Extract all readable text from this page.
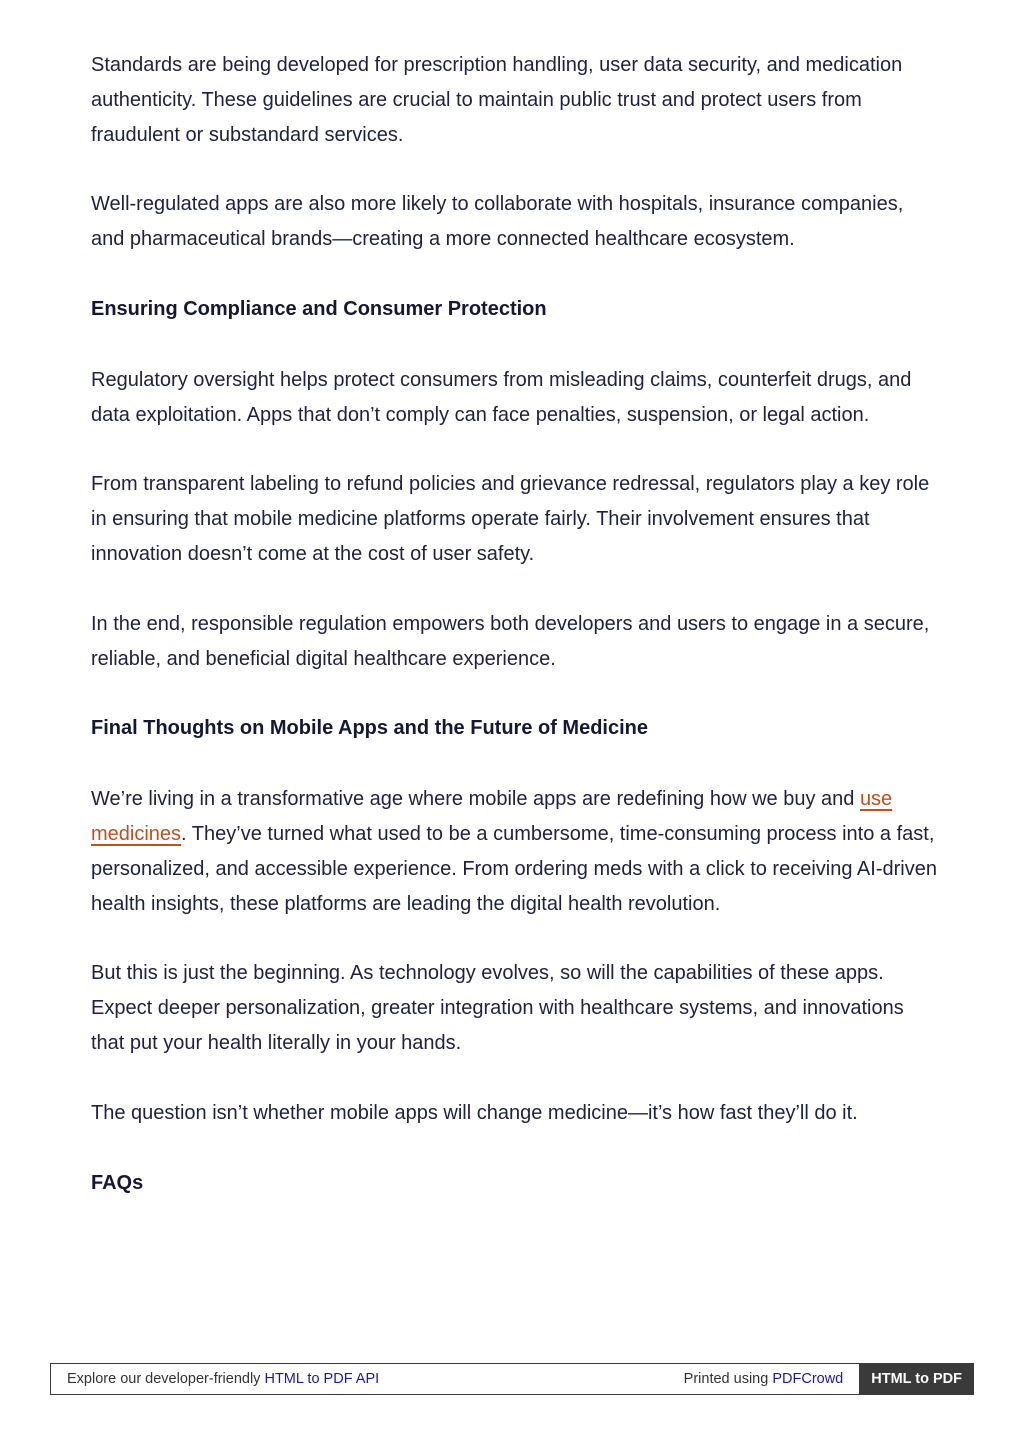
Standards are being developed for prescription handling, user data security, and medication authenticity. These guidelines are crucial to maintain public trust and protect users from fraudulent or substandard services.

Well-regulated apps are also more likely to collaborate with hospitals, insurance companies, and pharmaceutical brands—creating a more connected healthcare ecosystem.

Ensuring Compliance and Consumer Protection

Regulatory oversight helps protect consumers from misleading claims, counterfeit drugs, and data exploitation. Apps that don’t comply can face penalties, suspension, or legal action.

From transparent labeling to refund policies and grievance redressal, regulators play a key role in ensuring that mobile medicine platforms operate fairly. Their involvement ensures that innovation doesn’t come at the cost of user safety.

In the end, responsible regulation empowers both developers and users to engage in a secure, reliable, and beneficial digital healthcare experience.

Final Thoughts on Mobile Apps and the Future of Medicine

We’re living in a transformative age where mobile apps are redefining how we buy and use medicines. They’ve turned what used to be a cumbersome, time-consuming process into a fast, personalized, and accessible experience. From ordering meds with a click to receiving AI-driven health insights, these platforms are leading the digital health revolution.

But this is just the beginning. As technology evolves, so will the capabilities of these apps. Expect deeper personalization, greater integration with healthcare systems, and innovations that put your health literally in your hands.

The question isn’t whether mobile apps will change medicine—it’s how fast they’ll do it.

FAQs

Explore our developer-friendly HTML to PDF API	Printed using PDFCrowd	HTML to PDF
